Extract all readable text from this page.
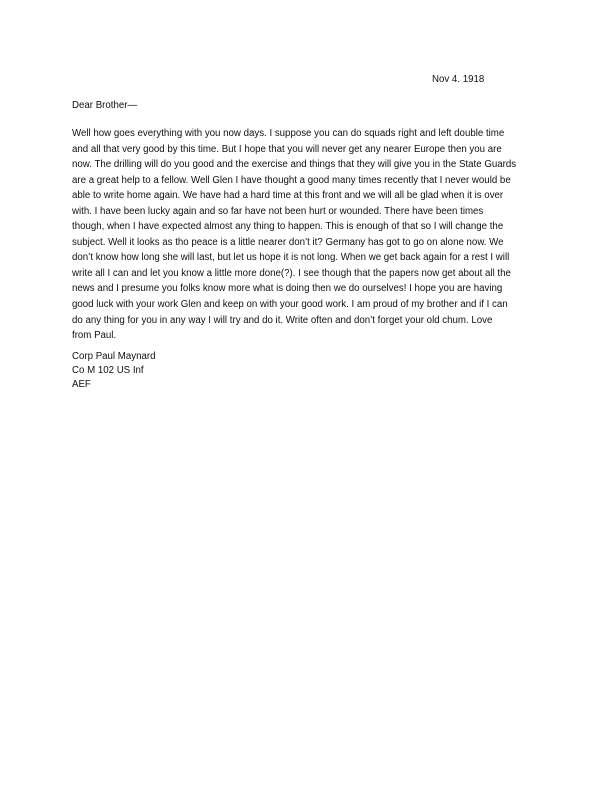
Nov 4. 1918
Dear Brother—
Well how goes everything with you now days. I suppose you can do squads right and left double time
and all that very good by this time. But I hope that you will never get any nearer Europe then you are
now. The drilling will do you good and the exercise and things that they will give you in the State Guards
are a great help to a fellow. Well Glen I have thought a good many times recently that I never would be
able to write home again. We have had a hard time at this front and we will all be glad when it is over
with. I have been lucky again and so far have not been hurt or wounded. There have been times
though, when I have expected almost any thing to happen. This is enough of that so I will change the
subject. Well it looks as tho peace is a little nearer don’t it? Germany has got to go on alone now. We
don’t know how long she will last, but let us hope it is not long. When we get back again for a rest I will
write all I can and let you know a little more done(?). I see though that the papers now get about all the
news and I presume you folks know more what is doing then we do ourselves! I hope you are having
good luck with your work Glen and keep on with your good work. I am proud of my brother and if I can
do any thing for you in any way I will try and do it. Write often and don’t forget your old chum. Love
from Paul.
Corp Paul Maynard
Co M 102 US Inf
AEF
